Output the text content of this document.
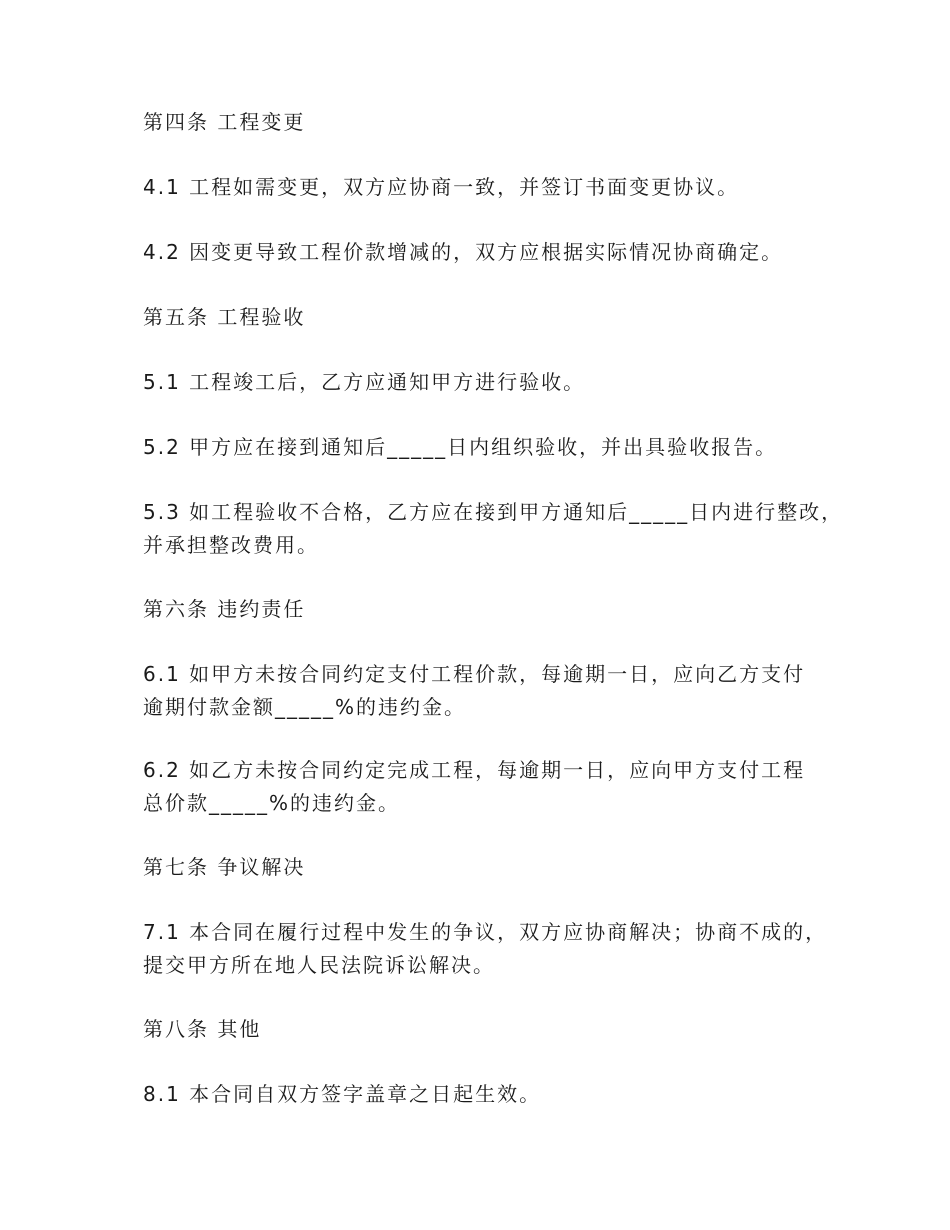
第四条 工程变更
4.1 工程如需变更，双方应协商一致，并签订书面变更协议。
4.2 因变更导致工程价款增减的，双方应根据实际情况协商确定。
第五条 工程验收
5.1 工程竣工后，乙方应通知甲方进行验收。
5.2 甲方应在接到通知后_____日内组织验收，并出具验收报告。
5.3 如工程验收不合格，乙方应在接到甲方通知后_____日内进行整改，
并承担整改费用。
第六条 违约责任
6.1 如甲方未按合同约定支付工程价款，每逾期一日，应向乙方支付
逾期付款金额_____%的违约金。
6.2 如乙方未按合同约定完成工程，每逾期一日，应向甲方支付工程
总价款_____%的违约金。
第七条 争议解决
7.1 本合同在履行过程中发生的争议，双方应协商解决；协商不成的，
提交甲方所在地人民法院诉讼解决。
第八条 其他
8.1 本合同自双方签字盖章之日起生效。
